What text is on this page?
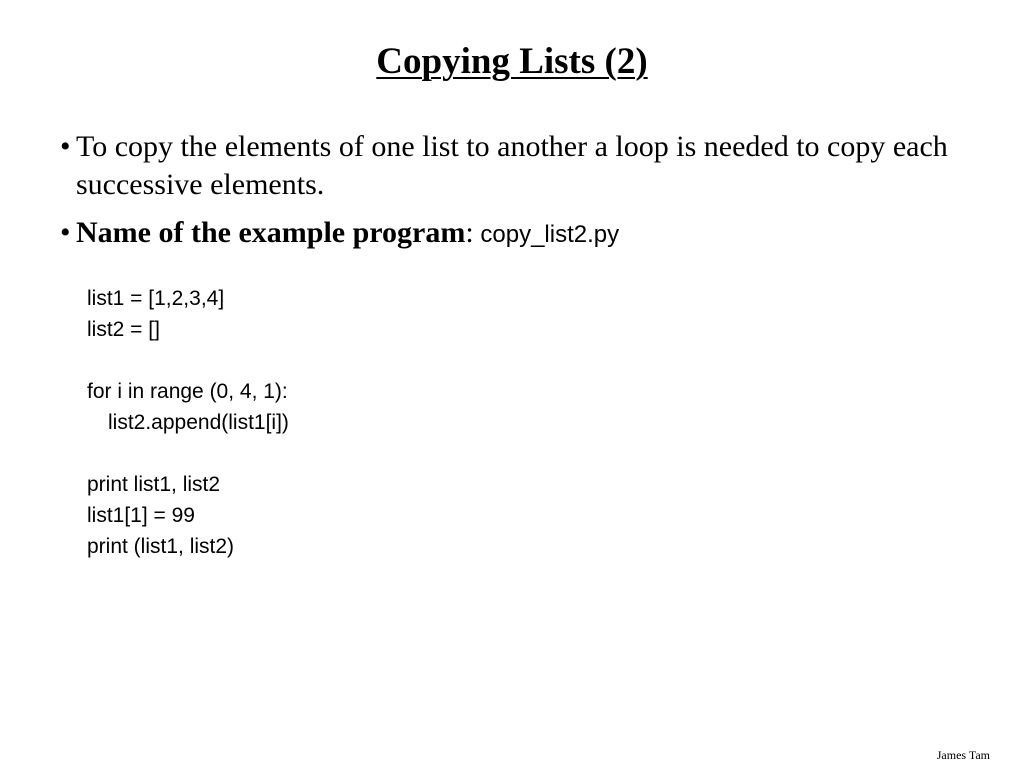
Copying Lists (2)
• To copy the elements of one list to another a loop is needed to copy each successive elements.
• Name of the example program: copy_list2.py
list1 = [1,2,3,4]
list2 = []
for i in range (0, 4, 1):
list2.append(list1[i])
print list1, list2
list1[1] = 99
print (list1, list2)
James Tam
